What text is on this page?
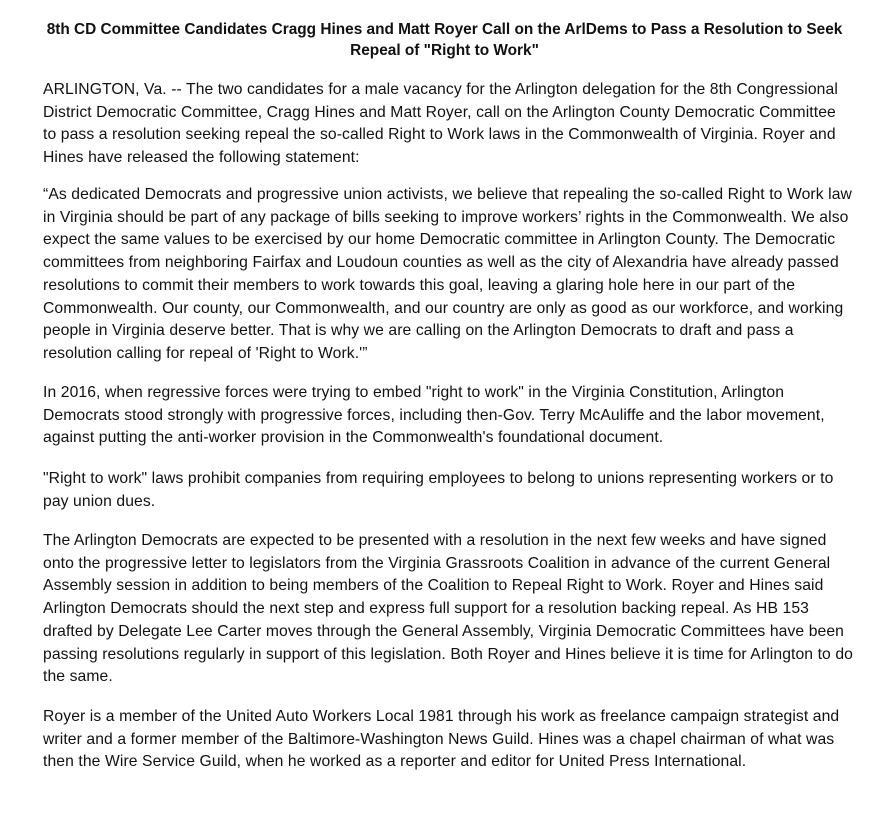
8th CD Committee Candidates Cragg Hines and Matt Royer Call on the ArlDems to Pass a Resolution to Seek Repeal of "Right to Work"

ARLINGTON, Va. -- The two candidates for a male vacancy for the Arlington delegation for the 8th Congressional District Democratic Committee, Cragg Hines and Matt Royer, call on the Arlington County Democratic Committee to pass a resolution seeking repeal the so-called Right to Work laws in the Commonwealth of Virginia. Royer and Hines have released the following statement:

“As dedicated Democrats and progressive union activists, we believe that repealing the so-called Right to Work law in Virginia should be part of any package of bills seeking to improve workers’ rights in the Commonwealth. We also expect the same values to be exercised by our home Democratic committee in Arlington County. The Democratic committees from neighboring Fairfax and Loudoun counties as well as the city of Alexandria have already passed resolutions to commit their members to work towards this goal, leaving a glaring hole here in our part of the Commonwealth. Our county, our Commonwealth, and our country are only as good as our workforce, and working people in Virginia deserve better. That is why we are calling on the Arlington Democrats to draft and pass a resolution calling for repeal of 'Right to Work.'”

In 2016, when regressive forces were trying to embed "right to work" in the Virginia Constitution, Arlington Democrats stood strongly with progressive forces, including then-Gov. Terry McAuliffe and the labor movement, against putting the anti-worker provision in the Commonwealth's foundational document.

"Right to work" laws prohibit companies from requiring employees to belong to unions representing workers or to pay union dues.

The Arlington Democrats are expected to be presented with a resolution in the next few weeks and have signed onto the progressive letter to legislators from the Virginia Grassroots Coalition in advance of the current General Assembly session in addition to being members of the Coalition to Repeal Right to Work. Royer and Hines said Arlington Democrats should the next step and express full support for a resolution backing repeal. As HB 153 drafted by Delegate Lee Carter moves through the General Assembly, Virginia Democratic Committees have been passing resolutions regularly in support of this legislation. Both Royer and Hines believe it is time for Arlington to do the same.

Royer is a member of the United Auto Workers Local 1981 through his work as freelance campaign strategist and writer and a former member of the Baltimore-Washington News Guild. Hines was a chapel chairman of what was then the Wire Service Guild, when he worked as a reporter and editor for United Press International.
